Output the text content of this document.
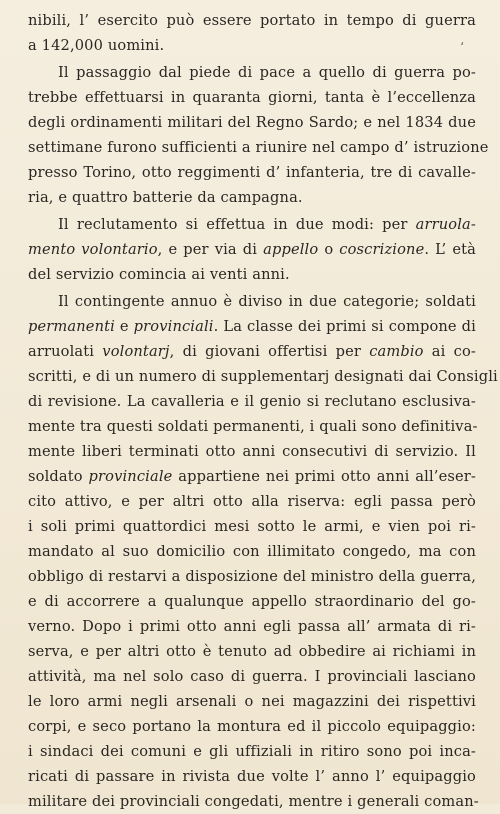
‘
nibili, l’ esercito può essere portato in tempo di guerra
a 142,000 uomini.
Il passaggio dal piede di pace a quello di guerra po-
trebbe effettuarsi in quaranta giorni, tanta è l’eccellenza
degli ordinamenti militari del Regno Sardo; e nel 1834 due
settimane furono sufficienti a riunire nel campo d’ istruzione
presso Torino, otto reggimenti d’ infanteria, tre di cavalle-
ria, e quattro batterie da campagna.
Il reclutamento si effettua in due modi: per arruola-
mento volontario, e per via di appello o coscrizione. L’ età
del servizio comincia ai venti anni.
Il contingente annuo è diviso in due categorie; soldati
permanenti e provinciali. La classe dei primi si compone di
arruolati volontarj, di giovani offertisi per cambio ai co-
scritti, e di un numero di supplementarj designati dai Consigli
di revisione. La cavalleria e il genio si reclutano esclusiva-
mente tra questi soldati permanenti, i quali sono definitiva-
mente liberi terminati otto anni consecutivi di servizio. Il
soldato provinciale appartiene nei primi otto anni all’eser-
cito attivo, e per altri otto alla riserva: egli passa però
i soli primi quattordici mesi sotto le armi, e vien poi ri-
mandato al suo domicilio con illimitato congedo, ma con
obbligo di restarvi a disposizione del ministro della guerra,
e di accorrere a qualunque appello straordinario del go-
verno. Dopo i primi otto anni egli passa all’ armata di ri-
serva, e per altri otto è tenuto ad obbedire ai richiami in
attività, ma nel solo caso di guerra. I provinciali lasciano
le loro armi negli arsenali o nei magazzini dei rispettivi
corpi, e seco portano la montura ed il piccolo equipaggio:
i sindaci dei comuni e gli uffiziali in ritiro sono poi inca-
ricati di passare in rivista due volte l’ anno l’ equipaggio
militare dei provinciali congedati, mentre i generali coman-
